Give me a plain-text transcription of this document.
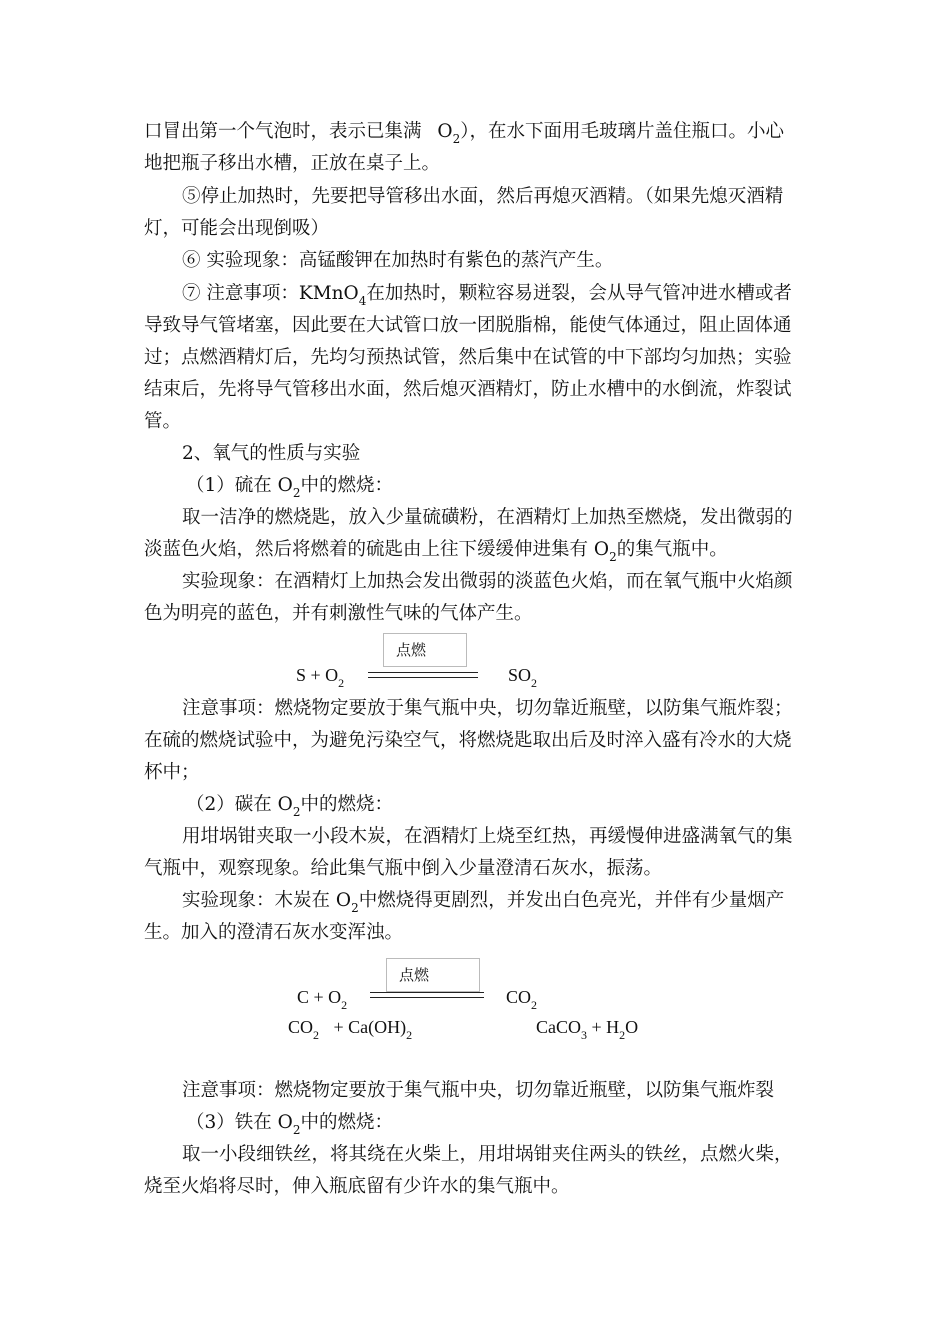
口冒出第一个气泡时，表示已集满 $O_2$），在水下面用毛玻璃片盖住瓶口。小心
地把瓶子移出水槽，正放在桌子上。
⑤停止加热时，先要把导管移出水面，然后再熄灭酒精。（如果先熄灭酒精
灯，可能会出现倒吸）
⑥ 实验现象：高锰酸钾在加热时有紫色的蒸汽产生。
⑦ 注意事项：KMnO$_4$在加热时，颗粒容易迸裂，会从导气管冲进水槽或者
导致导气管堵塞，因此要在大试管口放一团脱脂棉，能使气体通过，阻止固体通
过；点燃酒精灯后，先均匀预热试管，然后集中在试管的中下部均匀加热；实验
结束后，先将导气管移出水面，然后熄灭酒精灯，防止水槽中的水倒流，炸裂试
管。
2、氧气的性质与实验
（1）硫在 $O_2$中的燃烧：
取一洁净的燃烧匙，放入少量硫磺粉，在酒精灯上加热至燃烧，发出微弱的
淡蓝色火焰，然后将燃着的硫匙由上往下缓缓伸进集有 $O_2$的集气瓶中。
实验现象：在酒精灯上加热会发出微弱的淡蓝色火焰，而在氧气瓶中火焰颜
色为明亮的蓝色，并有刺激性气味的气体产生。
点燃
$S + O_2$	$SO_2$
注意事项：燃烧物定要放于集气瓶中央，切勿靠近瓶壁，以防集气瓶炸裂；
在硫的燃烧试验中，为避免污染空气，将燃烧匙取出后及时淬入盛有冷水的大烧
杯中；
（2）碳在 $O_2$中的燃烧：
用坩埚钳夹取一小段木炭，在酒精灯上烧至红热，再缓慢伸进盛满氧气的集
气瓶中，观察现象。给此集气瓶中倒入少量澄清石灰水，振荡。
实验现象：木炭在 $O_2$中燃烧得更剧烈，并发出白色亮光，并伴有少量烟产
生。加入的澄清石灰水变浑浊。
点燃
$C + O_2$	$CO_2$
$CO_2 + Ca(OH)_2$	CaCO$_3$ + $H_2O$
注意事项：燃烧物定要放于集气瓶中央，切勿靠近瓶壁，以防集气瓶炸裂
（3）铁在 $O_2$中的燃烧：
取一小段细铁丝，将其绕在火柴上，用坩埚钳夹住两头的铁丝，点燃火柴，
烧至火焰将尽时，伸入瓶底留有少许水的集气瓶中。
